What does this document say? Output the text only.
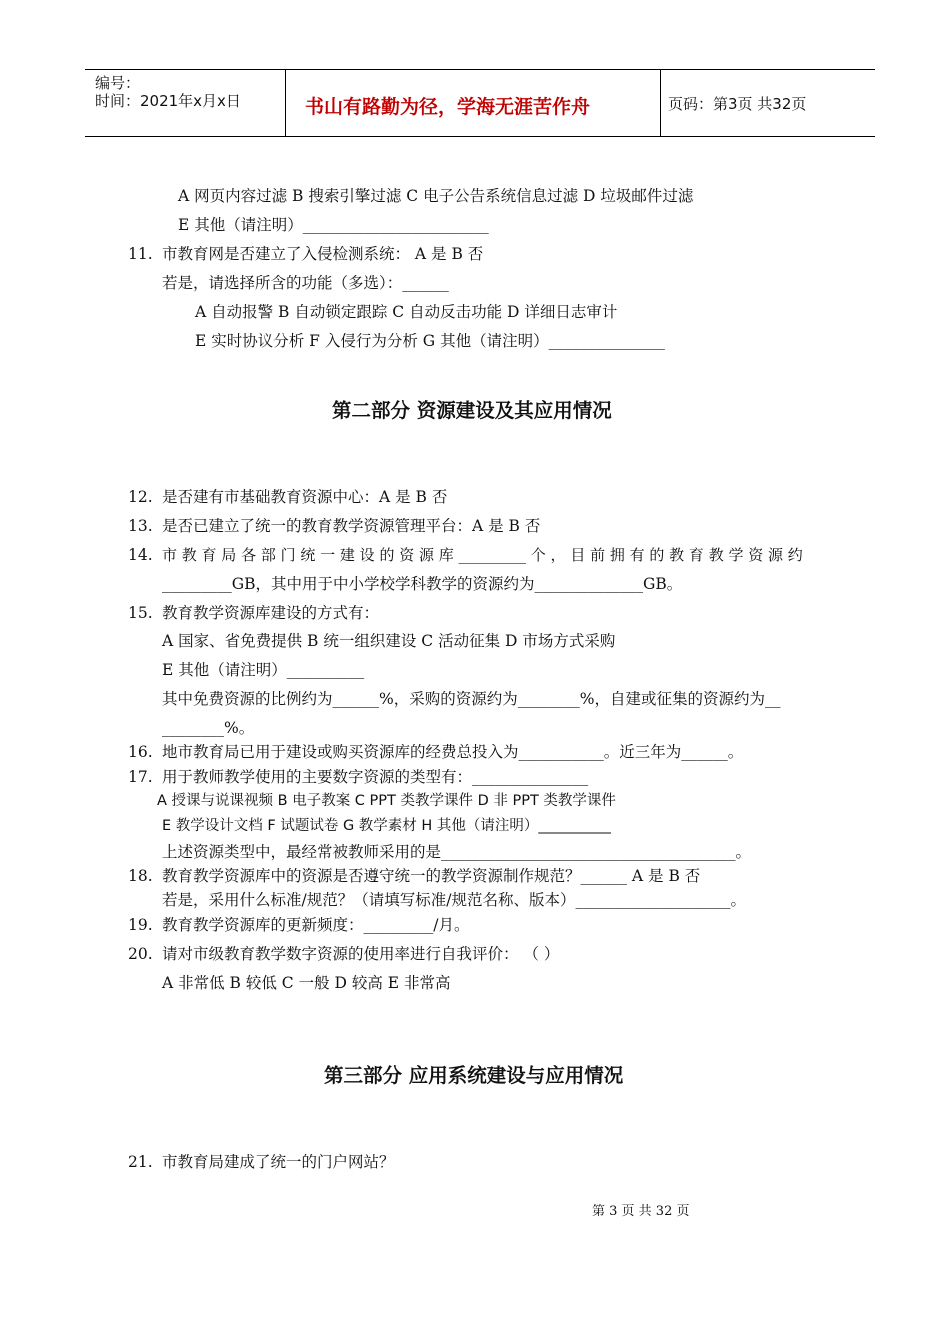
编号：
时间：2021年x月x日	书山有路勤为径，学海无涯苦作舟	页码：第3页 共32页
A 网页内容过滤 B 搜索引擎过滤 C 电子公告系统信息过滤 D 垃圾邮件过滤
E 其他（请注明）________________________
11. 市教育网是否建立了入侵检测系统： A 是 B 否
若是，请选择所含的功能（多选）：______
A 自动报警 B 自动锁定跟踪 C 自动反击功能 D 详细日志审计
E 实时协议分析 F 入侵行为分析 G 其他（请注明）_______________
第二部分 资源建设及其应用情况
12. 是否建有市基础教育资源中心：A 是 B 否
13. 是否已建立了统一的教育教学资源管理平台：A 是 B 否
14. 市 教 育 局 各 部 门 统 一 建 设 的 资 源 库 _________ 个 ， 目 前 拥 有 的 教 育 教 学 资 源 约
_________GB，其中用于中小学校学科教学的资源约为______________GB。
15. 教育教学资源库建设的方式有：
A 国家、省免费提供 B 统一组织建设 C 活动征集 D 市场方式采购
E 其他（请注明）__________
其中免费资源的比例约为______%，采购的资源约为________%，自建或征集的资源约为__
________%。
16. 地市教育局已用于建设或购买资源库的经费总投入为___________。近三年为______。
17. 用于教师教学使用的主要数字资源的类型有：_______________
A 授课与说课视频 B 电子教案 C PPT 类教学课件 D 非 PPT 类教学课件
E 教学设计文档 F 试题试卷 G 教学素材 H 其他（请注明）__________
上述资源类型中，最经常被教师采用的是______________________________________。
18. 教育教学资源库中的资源是否遵守统一的教学资源制作规范？______ A 是 B 否
若是，采用什么标准/规范？（请填写标准/规范名称、版本）____________________。
19. 教育教学资源库的更新频度：_________/月。
20. 请对市级教育教学数字资源的使用率进行自我评价： （ ）
A 非常低 B 较低 C 一般 D 较高 E 非常高
第三部分 应用系统建设与应用情况
21. 市教育局建成了统一的门户网站？
第 3 页 共 32 页
